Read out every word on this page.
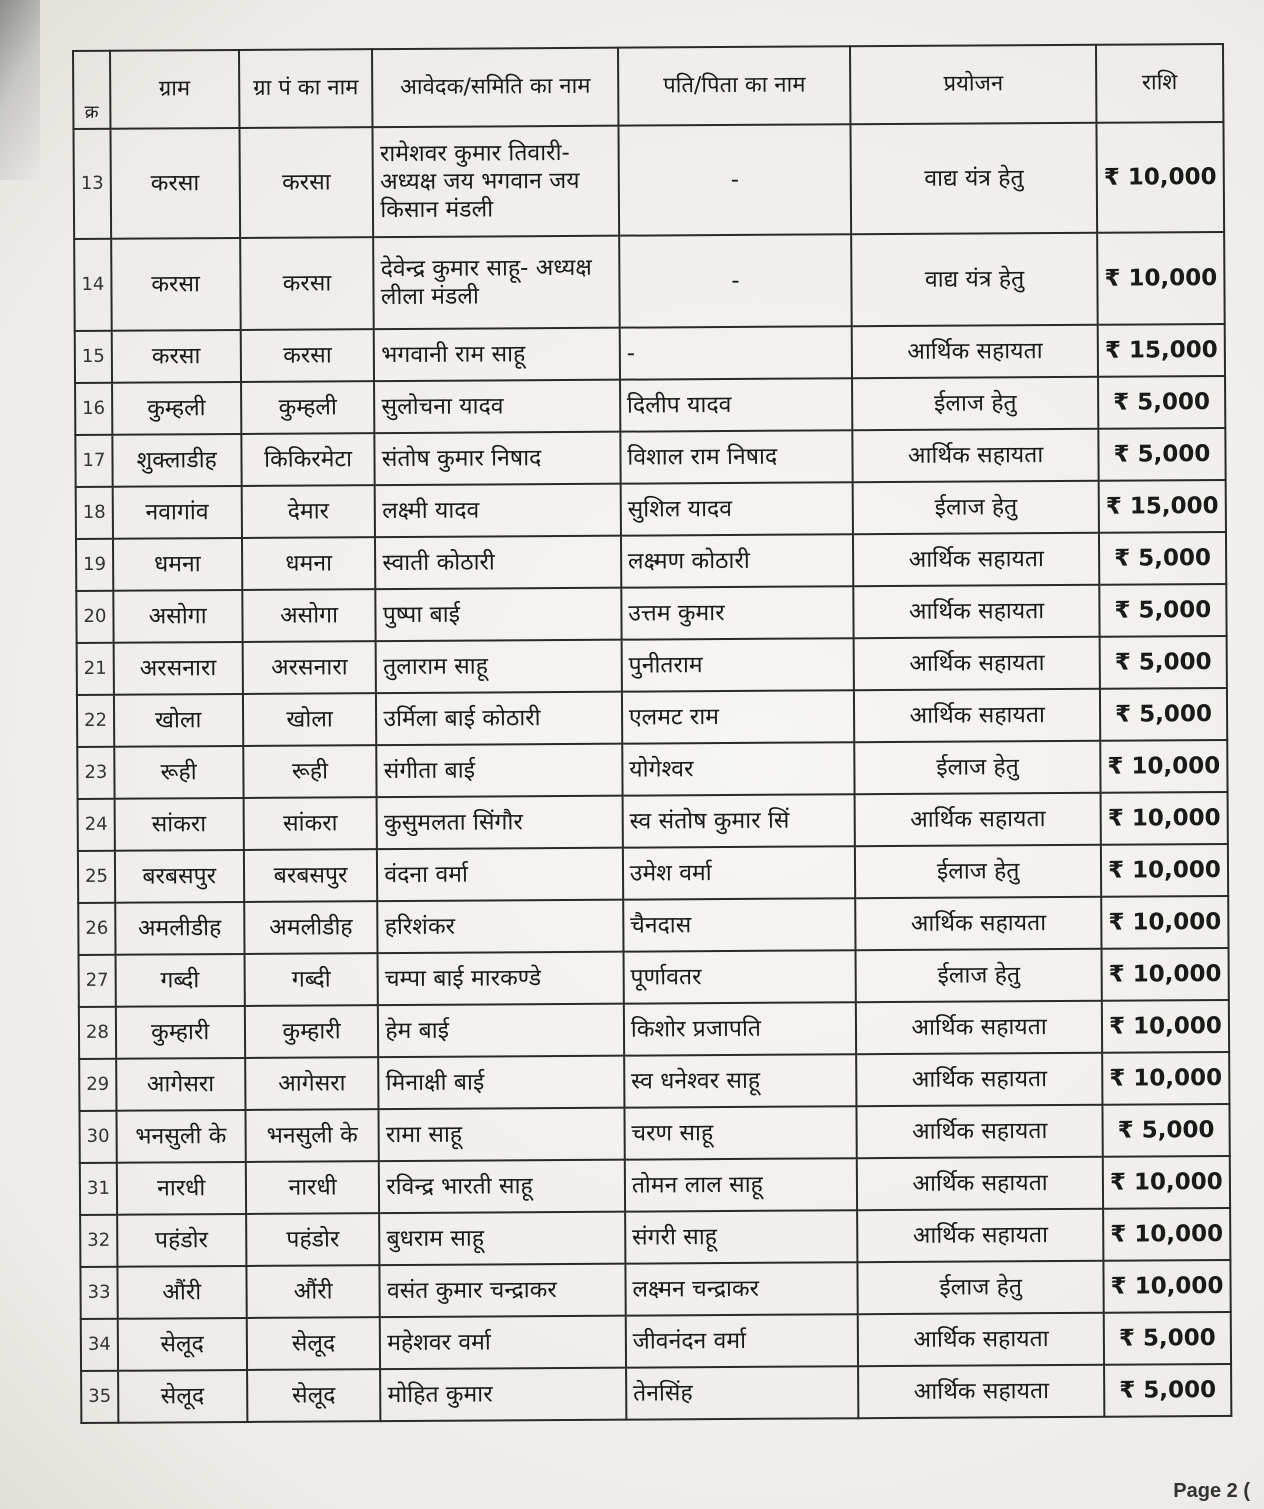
क्र	ग्राम	ग्रा पं का नाम	आवेदक/समिति का नाम	पति/पिता का नाम	प्रयोजन	राशि
13	करसा	करसा	रामेशवर कुमार तिवारी- अध्यक्ष जय भगवान जय किसान मंडली	-	वाद्य यंत्र हेतु	₹ 10,000
14	करसा	करसा	देवेन्द्र कुमार साहू- अध्यक्ष लीला मंडली	-	वाद्य यंत्र हेतु	₹ 10,000
15	करसा	करसा	भगवानी राम साहू	-	आर्थिक सहायता	₹ 15,000
16	कुम्हली	कुम्हली	सुलोचना यादव	दिलीप यादव	ईलाज हेतु	₹ 5,000
17	शुक्लाडीह	किकिरमेटा	संतोष कुमार निषाद	विशाल राम निषाद	आर्थिक सहायता	₹ 5,000
18	नवागांव	देमार	लक्ष्मी यादव	सुशिल यादव	ईलाज हेतु	₹ 15,000
19	धमना	धमना	स्वाती कोठारी	लक्ष्मण कोठारी	आर्थिक सहायता	₹ 5,000
20	असोगा	असोगा	पुष्पा बाई	उत्तम कुमार	आर्थिक सहायता	₹ 5,000
21	अरसनारा	अरसनारा	तुलाराम साहू	पुनीतराम	आर्थिक सहायता	₹ 5,000
22	खोला	खोला	उर्मिला बाई कोठारी	एलमट राम	आर्थिक सहायता	₹ 5,000
23	रूही	रूही	संगीता बाई	योगेश्वर	ईलाज हेतु	₹ 10,000
24	सांकरा	सांकरा	कुसुमलता सिंगौर	स्व संतोष कुमार सिं	आर्थिक सहायता	₹ 10,000
25	बरबसपुर	बरबसपुर	वंदना वर्मा	उमेश वर्मा	ईलाज हेतु	₹ 10,000
26	अमलीडीह	अमलीडीह	हरिशंकर	चैनदास	आर्थिक सहायता	₹ 10,000
27	गब्दी	गब्दी	चम्पा बाई मारकण्डे	पूर्णावतर	ईलाज हेतु	₹ 10,000
28	कुम्हारी	कुम्हारी	हेम बाई	किशोर प्रजापति	आर्थिक सहायता	₹ 10,000
29	आगेसरा	आगेसरा	मिनाक्षी बाई	स्व धनेश्वर साहू	आर्थिक सहायता	₹ 10,000
30	भनसुली के	भनसुली के	रामा साहू	चरण साहू	आर्थिक सहायता	₹ 5,000
31	नारधी	नारधी	रविन्द्र भारती साहू	तोमन लाल साहू	आर्थिक सहायता	₹ 10,000
32	पहंडोर	पहंडोर	बुधराम साहू	संगरी साहू	आर्थिक सहायता	₹ 10,000
33	औंरी	औंरी	वसंत कुमार चन्द्राकर	लक्ष्मन चन्द्राकर	ईलाज हेतु	₹ 10,000
34	सेलूद	सेलूद	महेशवर वर्मा	जीवनंदन वर्मा	आर्थिक सहायता	₹ 5,000
35	सेलूद	सेलूद	मोहित कुमार	तेनसिंह	आर्थिक सहायता	₹ 5,000
Page 2 (
